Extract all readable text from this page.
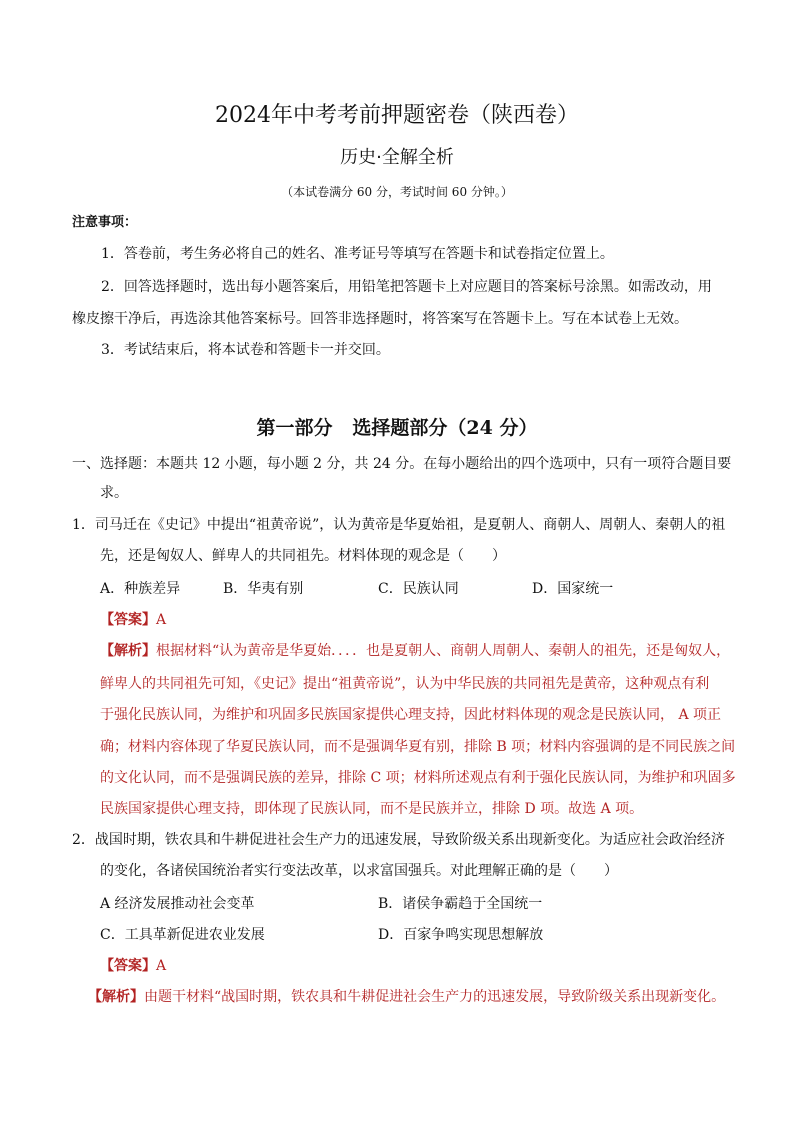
2024年中考考前押题密卷（陕西卷）
历史·全解全析
（本试卷满分 60 分，考试时间 60 分钟。）
注意事项：
1．答卷前，考生务必将自己的姓名、准考证号等填写在答题卡和试卷指定位置上。
2．回答选择题时，选出每小题答案后，用铅笔把答题卡上对应题目的答案标号涂黑。如需改动，用
橡皮擦干净后，再选涂其他答案标号。回答非选择题时，将答案写在答题卡上。写在本试卷上无效。
3．考试结束后，将本试卷和答题卡一并交回。
第一部分   选择题部分（24 分）
一、选择题：本题共 12 小题，每小题 2 分，共 24 分。在每小题给出的四个选项中，只有一项符合题目要
求。
1．司马迁在《史记》中提出“祖黄帝说”，认为黄帝是华夏始祖，是夏朝人、商朝人、周朝人、秦朝人的祖
先，还是匈奴人、鲜卑人的共同祖先。材料体现的观念是（　　）
A．种族差异	B．华夷有别	C．民族认同	D．国家统一
【答案】A
【解析】根据材料“认为黄帝是华夏始．．．．也是夏朝人、商朝人周朝人、秦朝人的祖先，还是匈奴人，
鲜卑人的共同祖先可知，《史记》提出“祖黄帝说”，认为中华民族的共同祖先是黄帝，这种观点有利
于强化民族认同，为维护和巩固多民族国家提供心理支持，因此材料体现的观念是民族认同， A 项正
确；材料内容体现了华夏民族认同，而不是强调华夏有别，排除 B 项；材料内容强调的是不同民族之间
的文化认同，而不是强调民族的差异，排除 C 项；材料所述观点有利于强化民族认同，为维护和巩固多
民族国家提供心理支持，即体现了民族认同，而不是民族并立，排除 D 项。故选 A 项。
2．战国时期，铁农具和牛耕促进社会生产力的迅速发展，导致阶级关系出现新变化。为适应社会政治经济
的变化，各诸侯国统治者实行变法改革，以求富国强兵。对此理解正确的是（　　）
A 经济发展推动社会变革	B．诸侯争霸趋于全国统一
C．工具革新促进农业发展	D．百家争鸣实现思想解放
【答案】A
【解析】由题干材料“战国时期，铁农具和牛耕促进社会生产力的迅速发展，导致阶级关系出现新变化。
